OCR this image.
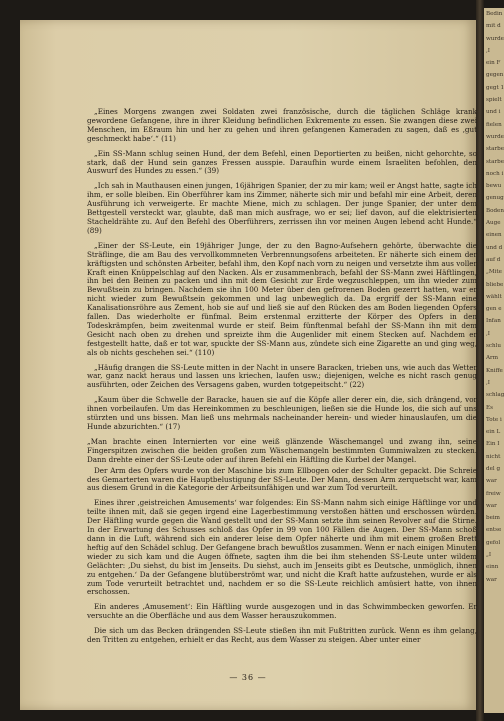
Bedin
mit d
wurde
,I
ein F
gegen
gegt 1
spielt
und i
fielen
wurde
starbe
starbe
noch i
bewu
genug
Boden
Auge
einen
und d
auf d
„Mite
bliebe
wählt
gen e
Infan
,I
schlu
Arm
Kniffe
,I
schlag
Es
Tote i
ein L
Ein I
nicht
del g
war
freiw
war
beim
entse
gefol
„I
einn
war

„Eines Morgens zwangen zwei Soldaten zwei französische, durch die täglichen Schläge krank gewordene Gefangene, ihre in ihrer Kleidung befindlichen Exkremente zu essen. Sie zwangen diese zwei Menschen, im Eßraum hin und her zu gehen und ihren gefangenen Kameraden zu sagen, daß es ‚gut geschmeckt habe‘.“ (11)

„Ein SS-Mann schlug seinen Hund, der dem Befehl, einen Deportierten zu beißen, nicht gehorchte, so stark, daß der Hund sein ganzes Fressen ausspie. Daraufhin wurde einem Israeliten befohlen, den Auswurf des Hundes zu essen.“ (39)

„Ich sah in Mauthausen einen jungen, 16jährigen Spanier, der zu mir kam; weil er Angst hatte, sagte ich ihm, er solle bleiben. Ein Oberführer kam ins Zimmer, näherte sich mir und befahl mir eine Arbeit, deren Ausführung ich verweigerte. Er machte Miene, mich zu schlagen. Der junge Spanier, der unter dem Bettgestell versteckt war, glaubte, daß man mich ausfrage, wo er sei; lief davon, auf die elektrisierten Stacheldrähte zu. Auf den Befehl des Oberführers, zerrissen ihn vor meinen Augen lebend acht Hunde.“ (89)

„Einer der SS-Leute, ein 19jähriger Junge, der zu den Bagno-Aufsehern gehörte, überwachte die Sträflinge, die am Bau des vervollkommneten Verbrennungsofens arbeiteten. Er näherte sich einem der kräftigsten und schönsten Arbeiter, befahl ihm, den Kopf nach vorn zu neigen und versetzte ihm aus voller Kraft einen Knüppelschlag auf den Nacken. Als er zusammenbrach, befahl der SS-Mann zwei Häftlingen, ihn bei den Beinen zu packen und ihn mit dem Gesicht zur Erde wegzuschleppen, um ihn wieder zum Bewußtsein zu bringen. Nachdem sie ihn 100 Meter über den gefrorenen Boden gezerrt hatten, war er nicht wieder zum Bewußtsein gekommen und lag unbeweglich da. Da ergriff der SS-Mann eine Kanalisationsröhre aus Zement, hob sie auf und ließ sie auf den Rücken des am Boden liegenden Opfers fallen. Das wiederholte er fünfmal. Beim erstenmal erzitterte der Körper des Opfers in den Todeskrämpfen, beim zweitenmal wurde er steif. Beim fünftenmal befahl der SS-Mann ihn mit dem Gesicht nach oben zu drehen und spreizte ihm die Augenlider mit einem Stecken auf. Nachdem er festgestellt hatte, daß er tot war, spuckte der SS-Mann aus, zündete sich eine Zigarette an und ging weg, als ob nichts geschehen sei.“ (110)

„Häufig drangen die SS-Leute mitten in der Nacht in unsere Baracken, trieben uns, wie auch das Wetter war, ganz nackt heraus und lassen uns kriechen, laufen usw.; diejenigen, welche es nicht rasch genug ausführten, oder Zeichen des Versagens gaben, wurden totgepeitscht.“ (22)

„Kaum über die Schwelle der Baracke, hauen sie auf die Köpfe aller derer ein, die, sich drängend, vor ihnen vorbeilaufen. Um das Hereinkommen zu beschleunigen, ließen sie die Hunde los, die sich auf uns stürzten und uns bissen. Man ließ uns mehrmals nacheinander herein- und wieder hinauslaufen, um die Hunde abzurichten.“ (17)

„Man brachte einen Internierten vor eine weiß glänzende Wäschemangel und zwang ihn, seine Fingerspitzen zwischen die beiden großen zum Wäschemangeln bestimmten Gummiwalzen zu stecken. Dann drehte einer der SS-Leute oder auf ihren Befehl ein Häftling die Kurbel der Mangel.

Der Arm des Opfers wurde von der Maschine bis zum Ellbogen oder der Schulter gepackt. Die Schreie des Gemarterten waren die Hauptbelustigung der SS-Leute. Der Mann, dessen Arm zerquetscht war, kam aus diesem Grund in die Kategorie der Arbeitsunfähigen und war zum Tod verurteilt.

Eines ihrer ‚geistreichen Amusements‘ war folgendes: Ein SS-Mann nahm sich einige Häftlinge vor und teilte ihnen mit, daß sie gegen irgend eine Lagerbestimmung verstoßen hätten und erschossen würden. Der Häftling wurde gegen die Wand gestellt und der SS-Mann setzte ihm seinen Revolver auf die Stirne. In der Erwartung des Schusses schloß das Opfer in 99 von 100 Fällen die Augen. Der SS-Mann schoß dann in die Luft, während sich ein anderer leise dem Opfer näherte und ihm mit einem großen Brett heftig auf den Schädel schlug. Der Gefangene brach bewußtlos zusammen. Wenn er nach einigen Minuten wieder zu sich kam und die Augen öffnete, sagten ihm die bei ihm stehenden SS-Leute unter wildem Gelächter: ‚Du siehst, du bist im Jenseits. Du siehst, auch im Jenseits gibt es Deutsche, unmöglich, ihnen zu entgehen.‘ Da der Gefangene blutüberströmt war, und nicht die Kraft hatte aufzustehen, wurde er als zum Tode verurteilt betrachtet und, nachdem er so die SS-Leute reichlich amüsiert hatte, von ihnen erschossen.

Ein anderes ‚Amusement‘: Ein Häftling wurde ausgezogen und in das Schwimmbecken geworfen. Er versuchte an die Oberfläche und aus dem Wasser herauszukommen.

Die sich um das Becken drängenden SS-Leute stießen ihn mit Fußtritten zurück. Wenn es ihm gelang, den Tritten zu entgehen, erhielt er das Recht, aus dem Wasser zu steigen. Aber unter einer

— 36 —
